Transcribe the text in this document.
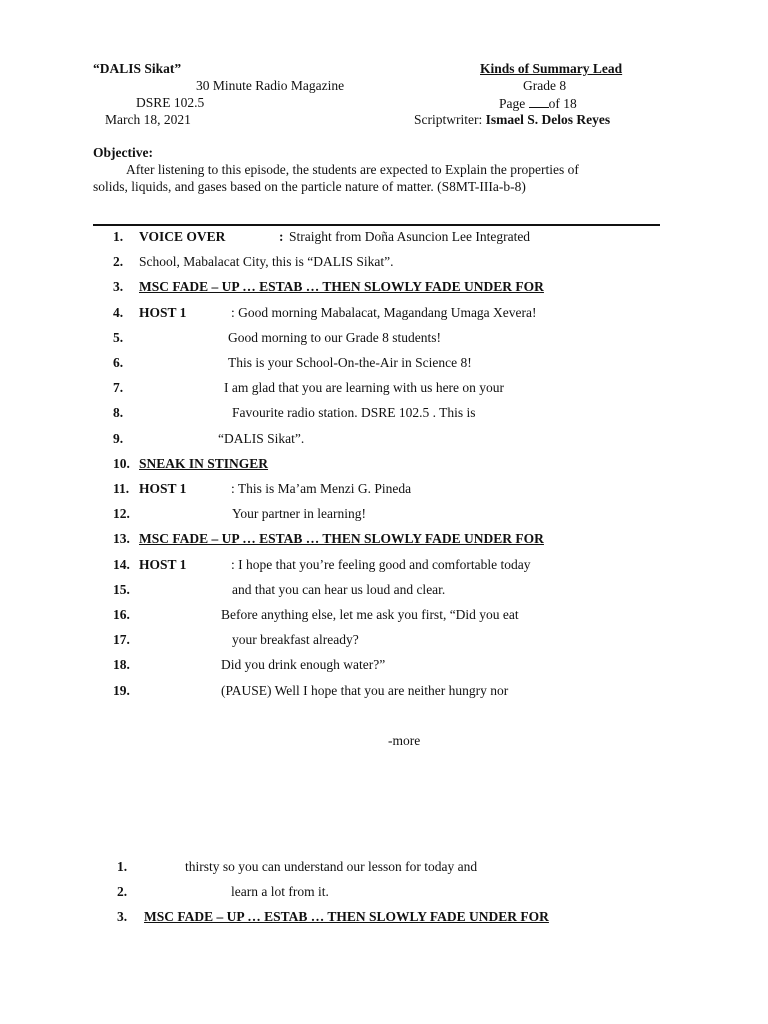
“DALIS Sikat”
30 Minute Radio Magazine
DSRE 102.5
March 18, 2021
Kinds of Summary Lead
Grade 8
Page of 18
Scriptwriter: Ismael S. Delos Reyes
Objective:
After listening to this episode, the students are expected to Explain the properties of
solids, liquids, and gases based on the particle nature of matter. (S8MT-IIIa-b-8)
1. VOICE OVER	: Straight from Doña Asuncion Lee Integrated
2. School, Mabalacat City, this is “DALIS Sikat”.
3. MSC FADE – UP … ESTAB … THEN SLOWLY FADE UNDER FOR
4. HOST 1	: Good morning Mabalacat, Magandang Umaga Xevera!
5.	Good morning to our Grade 8 students!
6.	This is your School-On-the-Air in Science 8!
7.	I am glad that you are learning with us here on your
8.	Favourite radio station. DSRE 102.5 . This is
9.	“DALIS Sikat”.
10. SNEAK IN STINGER
11. HOST 1	: This is Ma’am Menzi G. Pineda
12.	Your partner in learning!
13. MSC FADE – UP … ESTAB … THEN SLOWLY FADE UNDER FOR
14. HOST 1	: I hope that you’re feeling good and comfortable today
15.	and that you can hear us loud and clear.
16.	Before anything else, let me ask you first, “Did you eat
17.	your breakfast already?
18.	Did you drink enough water?”
19.	(PAUSE) Well I hope that you are neither hungry nor
-more
1.	thirsty so you can understand our lesson for today and
2.	learn a lot from it.
3. MSC FADE – UP … ESTAB … THEN SLOWLY FADE UNDER FOR
